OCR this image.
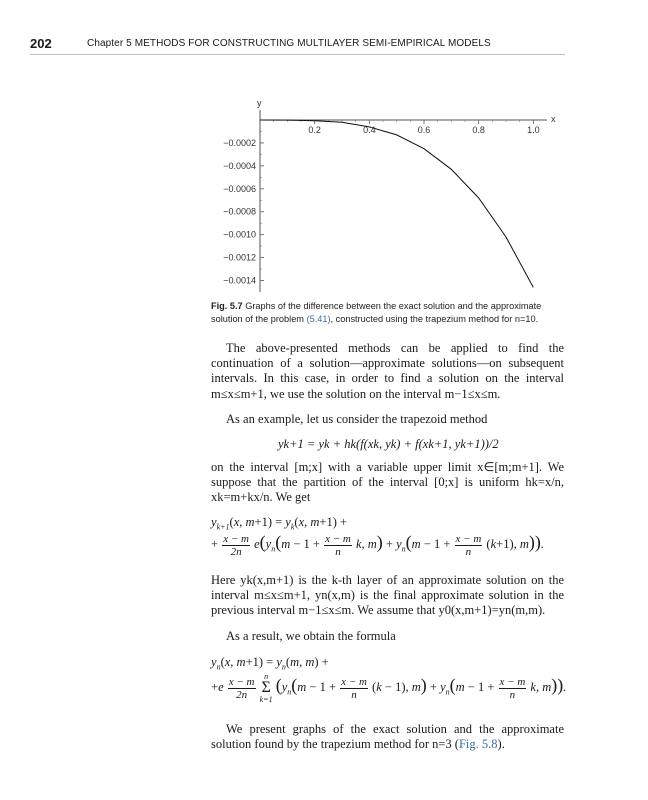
202	Chapter 5 METHODS FOR CONSTRUCTING MULTILAYER SEMI-EMPIRICAL MODELS
x
y
0.2	0.4	0.6	0.8	1.0
−0.0002
−0.0004
−0.0006
−0.0008
−0.0010
−0.0012
−0.0014
Fig. 5.7 Graphs of the difference between the exact solution and the approximate solution of the problem (5.41), constructed using the trapezium method for n=10.
The above-presented methods can be applied to find the continuation of a solution—approximate solutions—on subsequent intervals. In this case, in order to find a solution on the interval m≤x≤m+1, we use the solution on the interval m−1≤x≤m.
As an example, let us consider the trapezoid method
yk+1 = yk + hk(f(xk, yk) + f(xk+1, yk+1))/2
on the interval [m;x] with a variable upper limit x∈[m;m+1]. We suppose that the partition of the interval [0;x] is uniform hk=x/n, xk=m+kx/n. We get
$y_{k+1}(x$, $m+1) = y_k(x$, m+1) +
+ $\frac{x - m}{2n} e(y_n(m - 1 + \frac{x - m}{n} k$, $m) + y_n(m - 1 + \frac{x - m}{n} (k+1)$, m)).
Here yk(x,m+1) is the k-th layer of an approximate solution on the interval m≤x≤m+1, yn(x,m) is the final approximate solution in the previous interval m−1≤x≤m. We assume that y0(x,m+1)=yn(m,m).
As a result, we obtain the formula
$y_n(x$, $m+1) = y_n(m$, m) +
$+e \frac{x - m}{2n}$ n
Σ
k=1 ($y_n(m - 1 + \frac{x - m}{n} (k - 1)$, $m) + y_n(m - 1 + \frac{x - m}{n} k$, m)).
We present graphs of the exact solution and the approximate solution found by the trapezium method for n=3 (Fig. 5.8).
